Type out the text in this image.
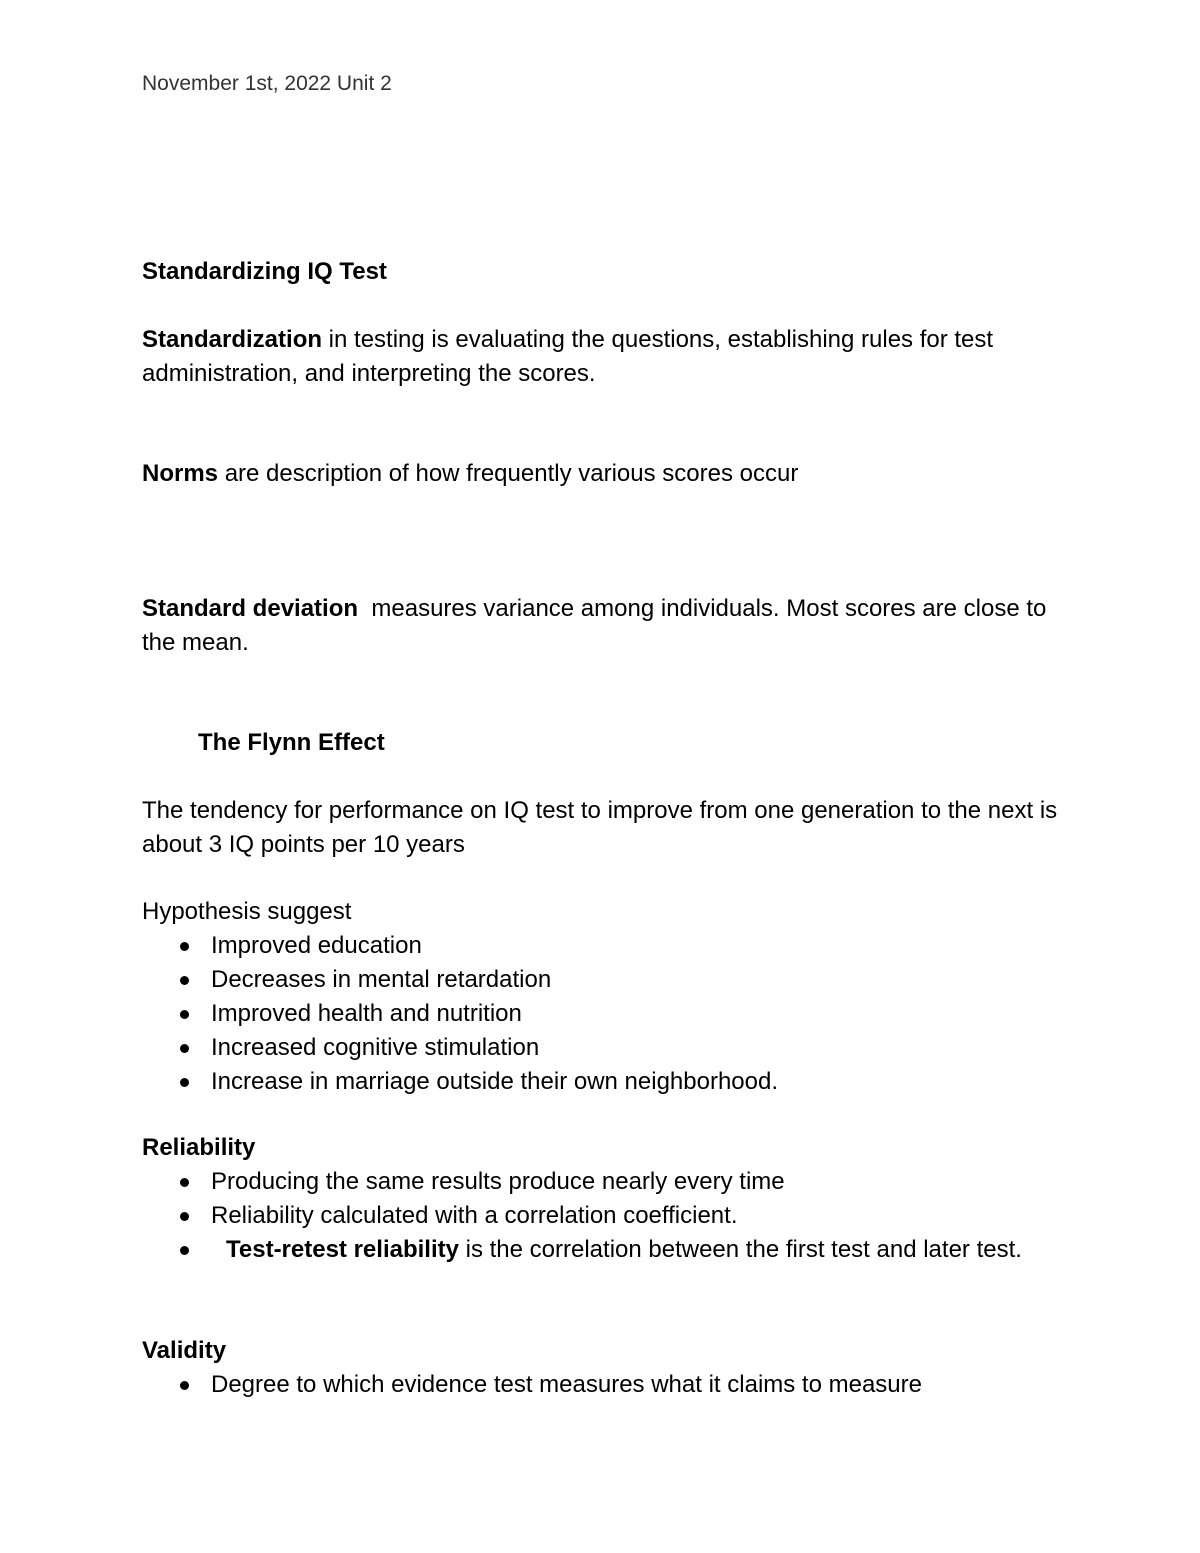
November 1st, 2022 Unit 2
Standardizing IQ Test
Standardization in testing is evaluating the questions, establishing rules for test administration, and interpreting the scores.
Norms are description of how frequently various scores occur
Standard deviation  measures variance among individuals. Most scores are close to the mean.
The Flynn Effect
The tendency for performance on IQ test to improve from one generation to the next is about 3 IQ points per 10 years
Hypothesis suggest
Improved education
Decreases in mental retardation
Improved health and nutrition
Increased cognitive stimulation
Increase in marriage outside their own neighborhood.
Reliability
Producing the same results produce nearly every time
Reliability calculated with a correlation coefficient.
Test-retest reliability is the correlation between the first test and later test.
Validity
Degree to which evidence test measures what it claims to measure
